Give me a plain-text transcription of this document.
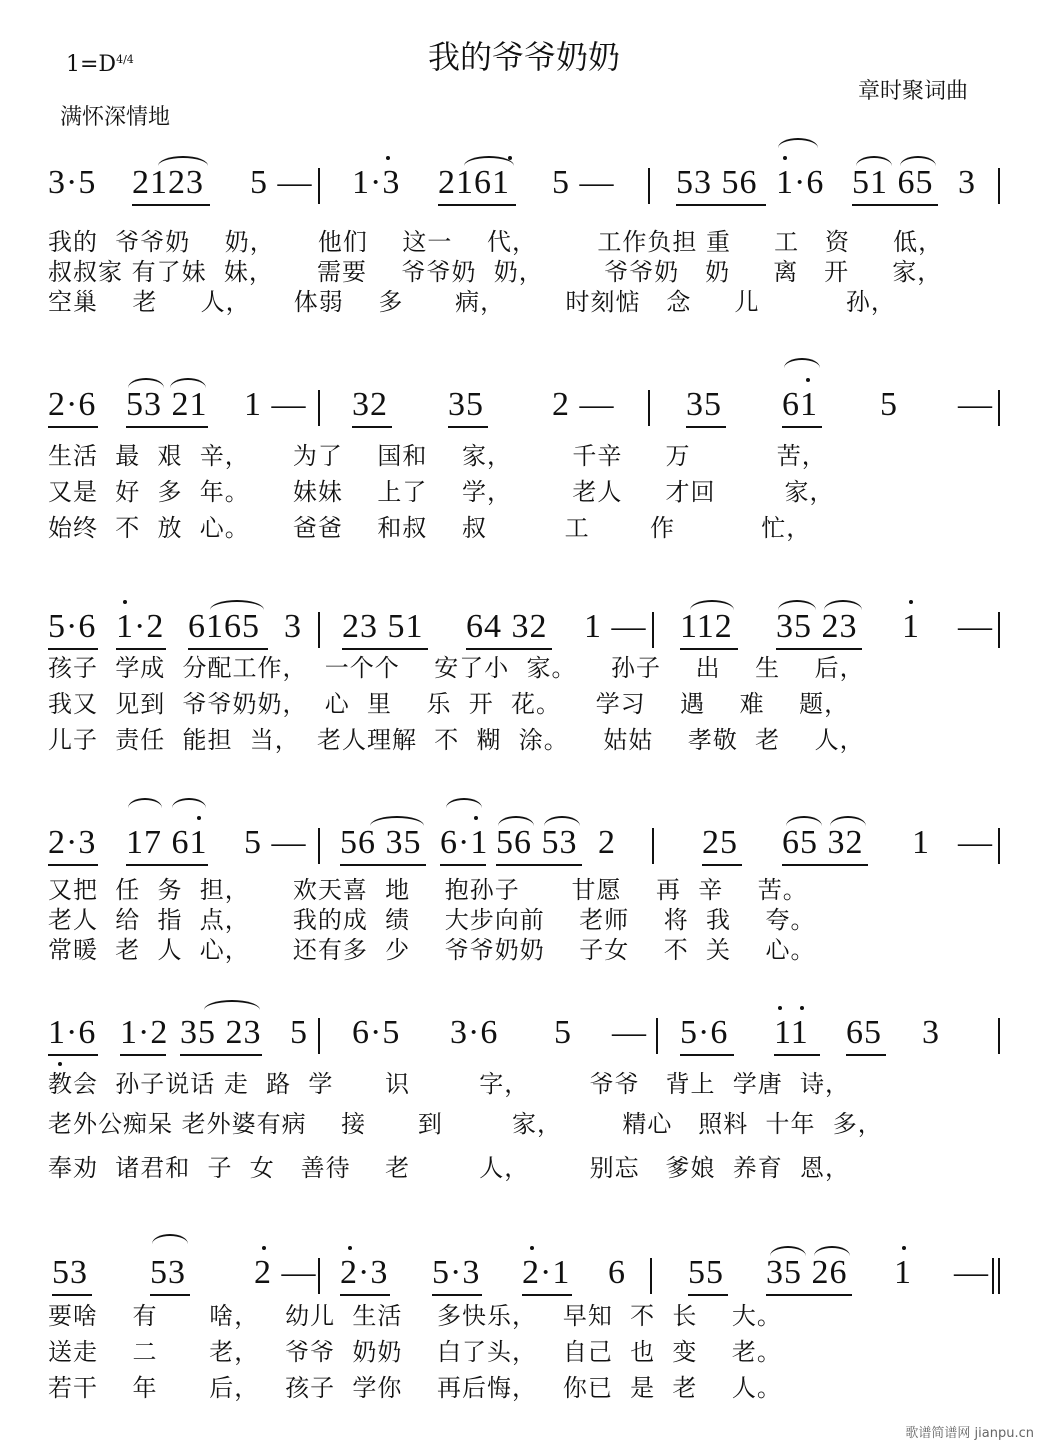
我的爷爷奶奶
$1=D^{4/4}$
满怀深情地
章时聚词曲
3·5 2123 5 — 1·3 2161 5 — 53 56 1·6 51 65 3
我的  爷爷奶    奶，     他们    这一    代，       工作负担 重     工   资     低，
叔叔家 有了妹  妹，     需要    爷爷奶  奶，       爷爷奶   奶     离   开     家，
空巢    老     人，     体弱    多      病，       时刻惦   念     儿          孙，
2·6 53 21 1 — 32 35 2 — 35 61 5 —
生活  最  艰  辛，     为了    国和    家，       千辛     万          苦，
又是  好  多  年。     妹妹    上了    学，       老人     才回        家，
始终  不  放  心。     爸爸    和叔    叔         工       作          忙，
5·6 1·2 6165 3 23 51 64 32 1 — 112 35 23 1 —
孩子  学成  分配工作，  一个个    安了小  家。    孙子    出    生    后，
我又  见到  爷爷奶奶，  心  里    乐  开  花。    学习    遇    难    题，
儿子  责任  能担  当，  老人理解  不  糊  涂。    姑姑    孝敬  老    人，
2·3 17 61 5 — 56 35 6·1 56 53 2	25 65 32 1 —
又把  任  务  担，     欢天喜  地    抱孙子      甘愿    再  辛    苦。
老人  给  指  点，     我的成  绩    大步向前    老师    将  我    夸。
常暖  老  人  心，     还有多  少    爷爷奶奶    子女    不  关    心。
1·6 1·2 35 23 5 6·5 3·6 5 — 5·6 11 65 3
教会  孙子说话 走  路  学      识        字，       爷爷   背上  学唐  诗，
老外公痴呆 老外婆有病    接      到        家，       精心   照料  十年  多，
奉劝  诸君和  子  女   善待    老        人，       别忘   爹娘  养育  恩，
53 53 2 — 2·3 5·3 2·1 6 55 35 26 1 —
要啥    有      啥，   幼儿  生活    多快乐，   早知  不  长    大。
送走    二      老，   爷爷  奶奶    白了头，   自己  也  变    老。
若干    年      后，   孩子  学你    再后悔，   你已  是  老    人。
歌谱简谱网 jianpu.cn
